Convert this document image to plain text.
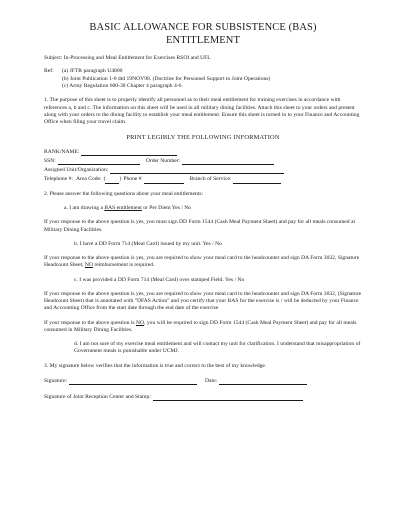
BASIC ALLOWANCE FOR SUBSISTENCE (BAS)
ENTITLEMENT

Subject: In-Processing and Meal Entitlement for Exercises RSOI and UFL

Ref:	(a) JFTR paragraph U4800
(b) Joint Publication 1-0 dtd 19NOV98. (Doctrine for Personnel Support to Joint Operations)
(c) Army Regulation 600-38 Chapter 4 paragraph 4-6.

1. The purpose of this sheet is to properly identify all personnel as to their meal entitlement for training exercises in accordance with references a, b and c. The information on this sheet will be used in all military dining facilities. Attach this sheet to your orders and present along with your orders to the dining facility to establish your meal entitlement. Ensure this sheet is turned in to your Finance and Accounting Office when filing your travel claim.

PRINT LEGIBLY THE FOLLOWING INFORMATION
RANK/NAME:
SSN:	Order Number:
Assigned Unit/Organization:
Telephone #: Area Code: (	) Phone #	Branch of Service:

2. Please answer the following questions about your meal entitlements:

a. I am drawing a BAS entitlement or Per Diem Yes / No

If your response to the above question is yes, you must sign DD Form 1544 (Cash Meal Payment Sheet) and pay for all meals consumed at Military Dining Facilities.

b. I have a DD Form 714 (Meal Card) issued by my unit. Yes / No

If your response to the above question is yes, you are required to show your meal card to the headcounter and sign DA Form 3032, Signature Headcount Sheet, NO reimbursement is required.

c. I was provided a DD Form 714 (Meal Card) over stamped Field. Yes / No

If your response to the above question is yes, you are required to show your meal card to the headcounter and sign DA Form 3032, (Signature Headcount Sheet) that is annotated with "DFAS Action" and you certify that your BAS for the exercise is / will be deducted by your Finance and Accounting Office from the start date through the end date of the exercise

If your response to the above question is NO, you will be required to sign DD Form 1544 (Cash Meal Payment Sheet) and pay for all meals consumed in Military Dining Facilities.

d. I am not sure of my exercise meal entitlement and will contact my unit for clarification. I understand that misappropriation of Government meals is punishable under UCMJ.

3. My signature below verifies that the information is true and correct to the best of my knowledge.

Signature:	Date:
Signature of Joint Reception Center and Stamp:
